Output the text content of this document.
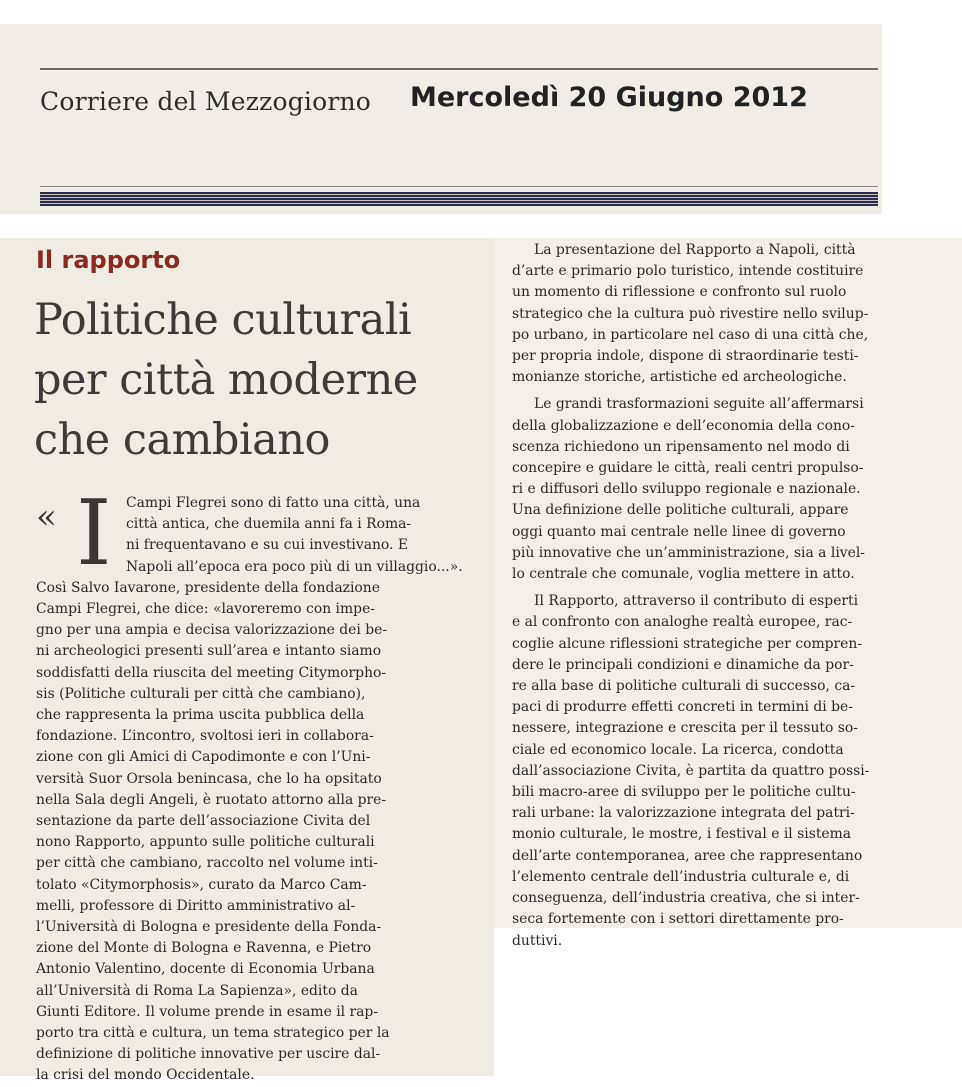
Corriere del Mezzogiorno Mercoledì 20 Giugno 2012
Il rapporto
Politiche culturali
per città moderne
che cambiano
« I Campi Flegrei sono di fatto una città, una
città antica, che duemila anni fa i Roma-
ni frequentavano e su cui investivano. E
Napoli all’epoca era poco più di un villaggio...».
Così Salvo Iavarone, presidente della fondazione
Campi Flegrei, che dice: «lavoreremo con impe-
gno per una ampia e decisa valorizzazione dei be-
ni archeologici presenti sull’area e intanto siamo
soddisfatti della riuscita del meeting Citymorpho-
sis (Politiche culturali per città che cambiano),
che rappresenta la prima uscita pubblica della
fondazione. L’incontro, svoltosi ieri in collabora-
zione con gli Amici di Capodimonte e con l’Uni-
versità Suor Orsola benincasa, che lo ha opsitato
nella Sala degli Angeli, è ruotato attorno alla pre-
sentazione da parte dell’associazione Civita del
nono Rapporto, appunto sulle politiche culturali
per città che cambiano, raccolto nel volume inti-
tolato «Citymorphosis», curato da Marco Cam-
melli, professore di Diritto amministrativo al-
l’Università di Bologna e presidente della Fonda-
zione del Monte di Bologna e Ravenna, e Pietro
Antonio Valentino, docente di Economia Urbana
all’Università di Roma La Sapienza», edito da
Giunti Editore. Il volume prende in esame il rap-
porto tra città e cultura, un tema strategico per la
definizione di politiche innovative per uscire dal-
la crisi del mondo Occidentale.
La presentazione del Rapporto a Napoli, città
d’arte e primario polo turistico, intende costituire
un momento di riflessione e confronto sul ruolo
strategico che la cultura può rivestire nello svilup-
po urbano, in particolare nel caso di una città che,
per propria indole, dispone di straordinarie testi-
monianze storiche, artistiche ed archeologiche.
Le grandi trasformazioni seguite all’affermarsi
della globalizzazione e dell’economia della cono-
scenza richiedono un ripensamento nel modo di
concepire e guidare le città, reali centri propulso-
ri e diffusori dello sviluppo regionale e nazionale.
Una definizione delle politiche culturali, appare
oggi quanto mai centrale nelle linee di governo
più innovative che un’amministrazione, sia a livel-
lo centrale che comunale, voglia mettere in atto.
Il Rapporto, attraverso il contributo di esperti
e al confronto con analoghe realtà europee, rac-
coglie alcune riflessioni strategiche per compren-
dere le principali condizioni e dinamiche da por-
re alla base di politiche culturali di successo, ca-
paci di produrre effetti concreti in termini di be-
nessere, integrazione e crescita per il tessuto so-
ciale ed economico locale. La ricerca, condotta
dall’associazione Civita, è partita da quattro possi-
bili macro-aree di sviluppo per le politiche cultu-
rali urbane: la valorizzazione integrata del patri-
monio culturale, le mostre, i festival e il sistema
dell’arte contemporanea, aree che rappresentano
l’elemento centrale dell’industria culturale e, di
conseguenza, dell’industria creativa, che si inter-
seca fortemente con i settori direttamente pro-
duttivi.
